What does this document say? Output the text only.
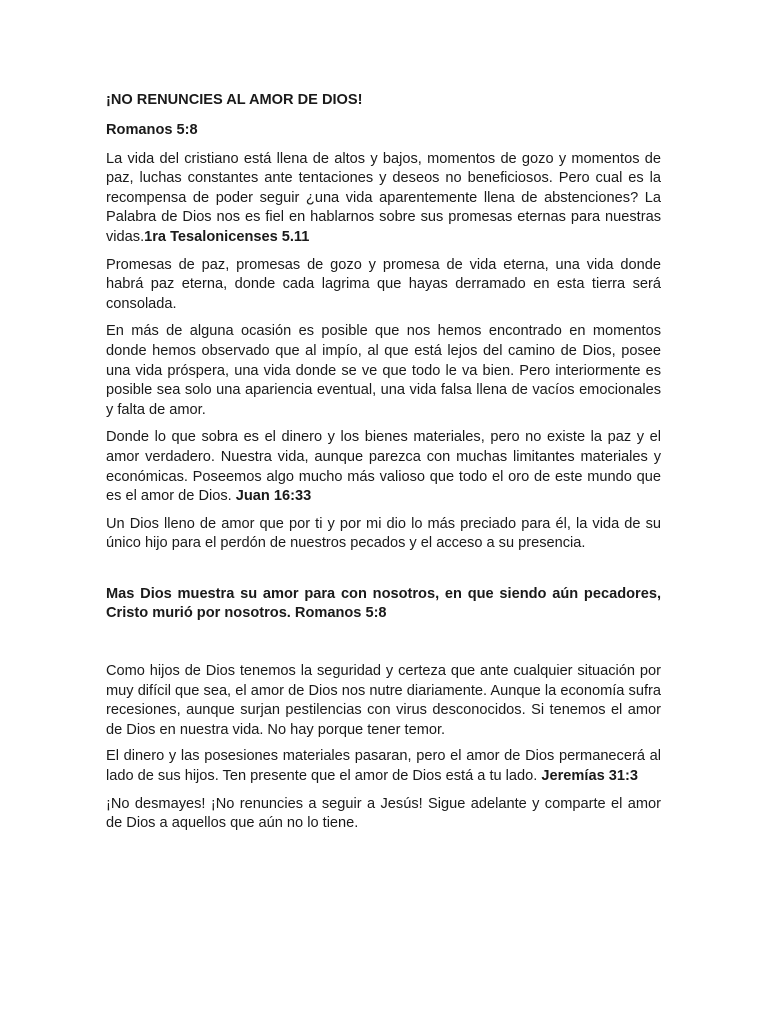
¡NO RENUNCIES AL AMOR DE DIOS!
Romanos 5:8

La vida del cristiano está llena de altos y bajos, momentos de gozo y momentos de paz, luchas constantes ante tentaciones y deseos no beneficiosos. Pero cual es la recompensa de poder seguir ¿una vida aparentemente llena de abstenciones? La Palabra de Dios nos es fiel en hablarnos sobre sus promesas eternas para nuestras vidas.1ra Tesalonicenses 5.11

Promesas de paz, promesas de gozo y promesa de vida eterna, una vida donde habrá paz eterna, donde cada lagrima que hayas derramado en esta tierra será consolada.

En más de alguna ocasión es posible que nos hemos encontrado en momentos donde hemos observado que al impío, al que está lejos del camino de Dios, posee una vida próspera, una vida donde se ve que todo le va bien. Pero interiormente es posible sea solo una apariencia eventual, una vida falsa llena de vacíos emocionales y falta de amor.

Donde lo que sobra es el dinero y los bienes materiales, pero no existe la paz y el amor verdadero. Nuestra vida, aunque parezca con muchas limitantes materiales y económicas. Poseemos algo mucho más valioso que todo el oro de este mundo que es el amor de Dios. Juan 16:33

Un Dios lleno de amor que por ti y por mi dio lo más preciado para él, la vida de su único hijo para el perdón de nuestros pecados y el acceso a su presencia.

Mas Dios muestra su amor para con nosotros, en que siendo aún pecadores, Cristo murió por nosotros. Romanos 5:8

Como hijos de Dios tenemos la seguridad y certeza que ante cualquier situación por muy difícil que sea, el amor de Dios nos nutre diariamente. Aunque la economía sufra recesiones, aunque surjan pestilencias con virus desconocidos. Si tenemos el amor de Dios en nuestra vida. No hay porque tener temor.

El dinero y las posesiones materiales pasaran, pero el amor de Dios permanecerá al lado de sus hijos. Ten presente que el amor de Dios está a tu lado. Jeremías 31:3

¡No desmayes! ¡No renuncies a seguir a Jesús! Sigue adelante y comparte el amor de Dios a aquellos que aún no lo tiene.
